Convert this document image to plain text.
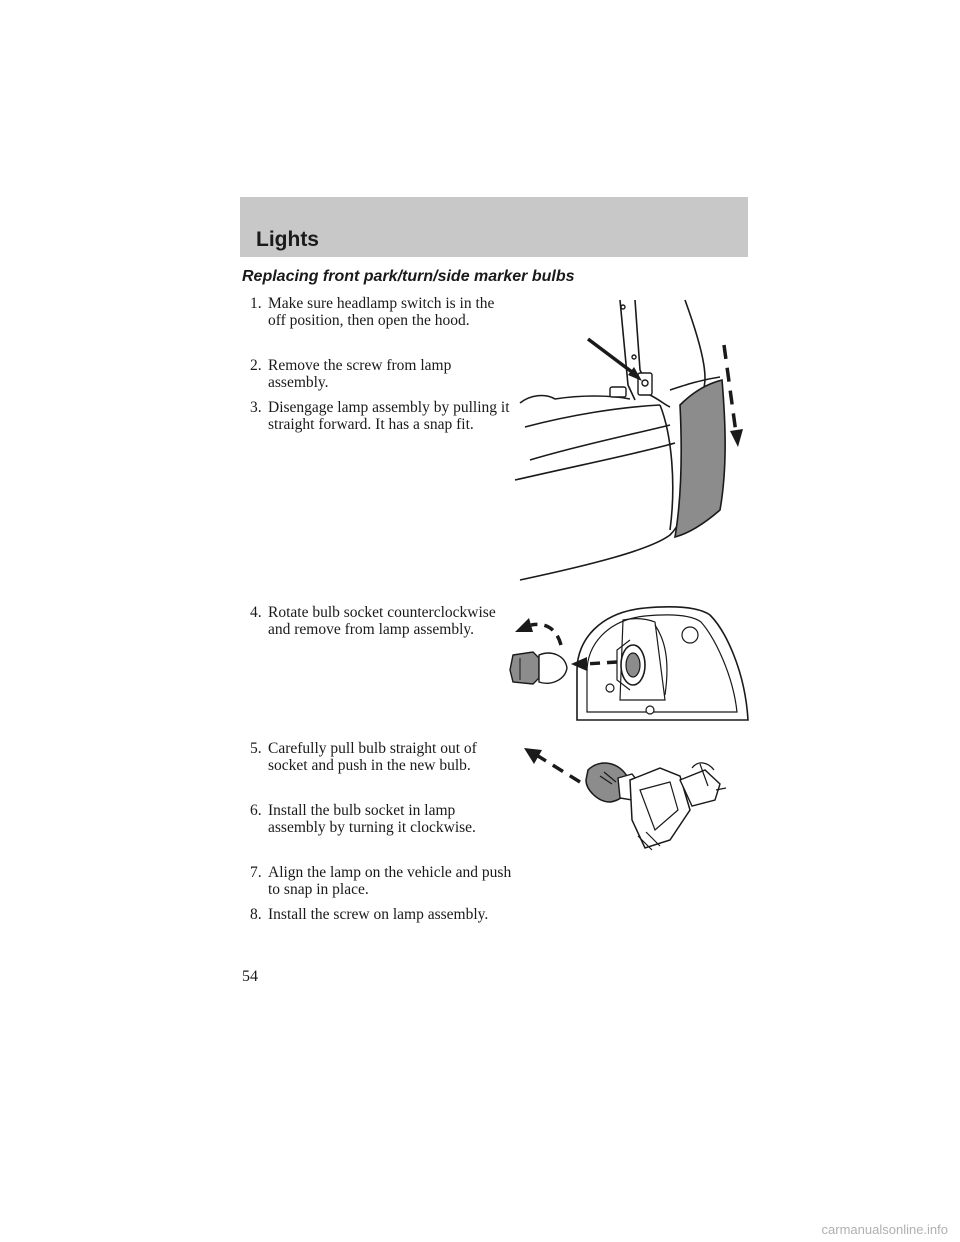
Lights
Replacing front park/turn/side marker bulbs
1. Make sure headlamp switch is in the off position, then open the hood.
2. Remove the screw from lamp assembly.
3. Disengage lamp assembly by pulling it straight forward. It has a snap fit.
4. Rotate bulb socket counterclockwise and remove from lamp assembly.
5. Carefully pull bulb straight out of socket and push in the new bulb.
6. Install the bulb socket in lamp assembly by turning it clockwise.
7. Align the lamp on the vehicle and push to snap in place.
8. Install the screw on lamp assembly.
54
carmanualsonline.info
